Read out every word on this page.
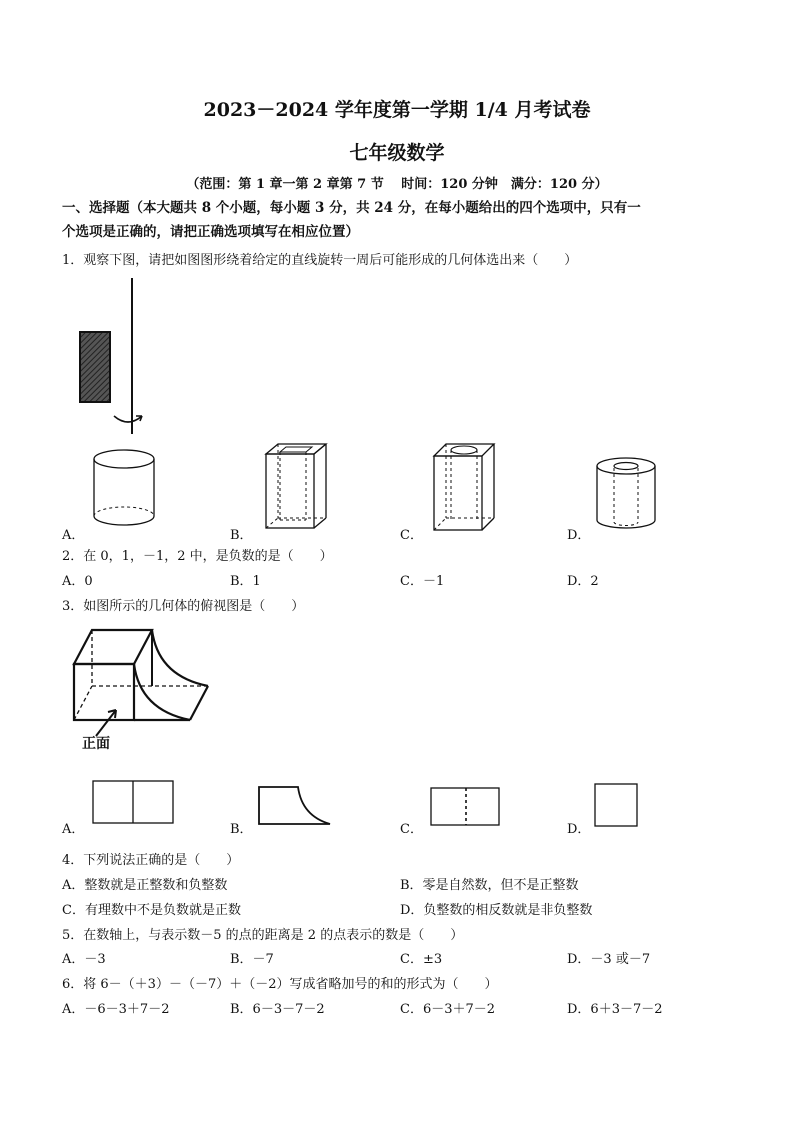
2023－2024 学年度第一学期 1/4 月考试卷
七年级数学
（范围：第 1 章一第 2 章第 7 节　 时间：120 分钟　满分：120 分）
一、选择题（本大题共 8 个小题，每小题 3 分，共 24 分，在每小题给出的四个选项中，只有一
个选项是正确的，请把正确选项填写在相应位置）
1．观察下图，请把如图图形绕着给定的直线旋转一周后可能形成的几何体选出来（　　）
A．	B．	C．	D．
2．在 0，1，－1，2 中，是负数的是（　　）
A．0	B．1	C．－1	D．2
3．如图所示的几何体的俯视图是（　　）
正面
A．	B．	C．	D．
4．下列说法正确的是（　　）
A．整数就是正整数和负整数	B．零是自然数，但不是正整数
C．有理数中不是负数就是正数	D．负整数的相反数就是非负整数
5．在数轴上，与表示数－5 的点的距离是 2 的点表示的数是（　　）
A．－3	B．－7	C．±3	D．－3 或－7
6．将 6－（＋3）－（－7）＋（－2）写成省略加号的和的形式为（　　）
A．－6－3＋7－2	B．6－3－7－2	C．6－3＋7－2	D．6＋3－7－2
